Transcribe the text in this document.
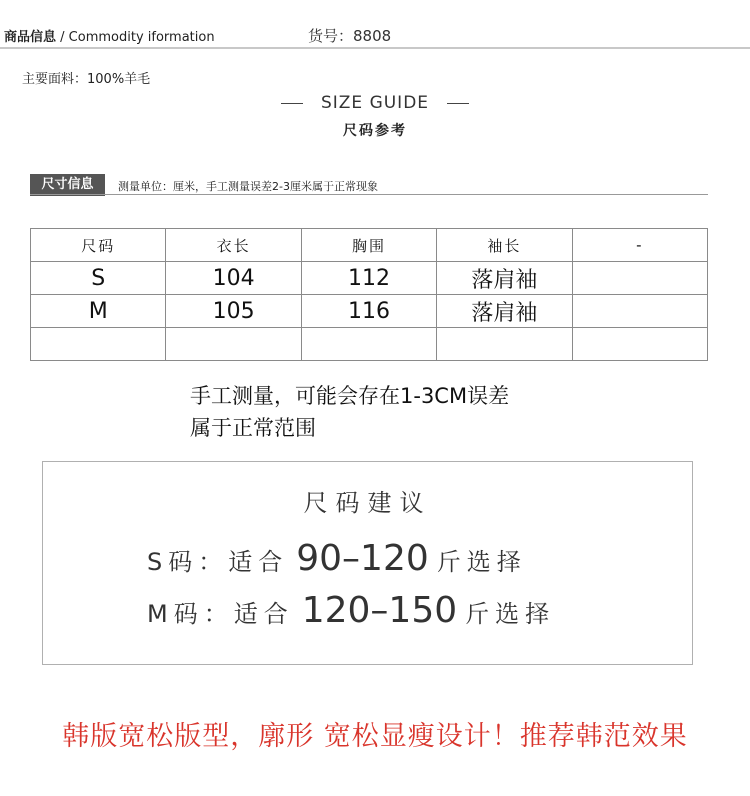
商品信息 / Commodity iformation	货号：8808
主要面料：100%羊毛
SIZE GUIDE
尺码参考
尺寸信息	测量单位：厘米，手工测量误差2-3厘米属于正常现象
尺码	衣长	胸围	袖长	-
S	104	112	落肩袖	
M	105	116	落肩袖	

手工测量，可能会存在1-3CM误差
属于正常范围
尺码建议
S码：适合 90–120 斤选择
M码：适合 120–150 斤选择
韩版宽松版型，廓形 宽松显瘦设计！推荐韩范效果
